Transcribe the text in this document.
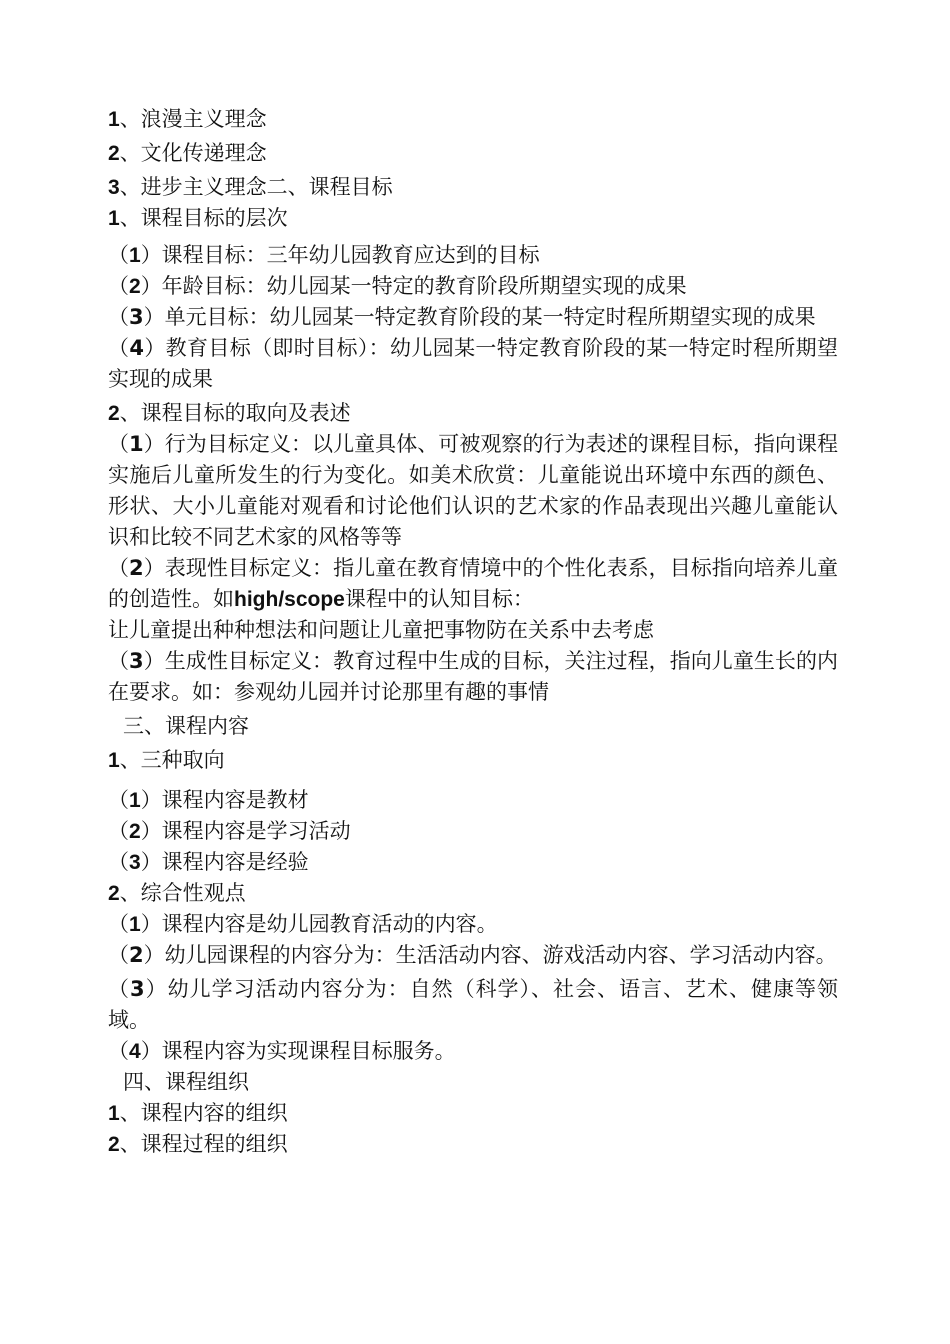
1、浪漫主义理念
2、文化传递理念
3、进步主义理念二、课程目标
1、课程目标的层次
（1）课程目标：三年幼儿园教育应达到的目标
（2）年龄目标：幼儿园某一特定的教育阶段所期望实现的成果
（3）单元目标：幼儿园某一特定教育阶段的某一特定时程所期望实现的成果
（4）教育目标（即时目标）：幼儿园某一特定教育阶段的某一特定时程所期望实现的成果
2、课程目标的取向及表述
（1）行为目标定义：以儿童具体、可被观察的行为表述的课程目标，指向课程实施后儿童所发生的行为变化。如美术欣赏：儿童能说出环境中东西的颜色、形状、大小儿童能对观看和讨论他们认识的艺术家的作品表现出兴趣儿童能认识和比较不同艺术家的风格等等
（2）表现性目标定义：指儿童在教育情境中的个性化表系，目标指向培养儿童的创造性。如high/scope课程中的认知目标：
让儿童提出种种想法和问题让儿童把事物防在关系中去考虑
（3）生成性目标定义：教育过程中生成的目标，关注过程，指向儿童生长的内在要求。如：参观幼儿园并讨论那里有趣的事情
三、课程内容
1、三种取向
（1）课程内容是教材
（2）课程内容是学习活动
（3）课程内容是经验
2、综合性观点
（1）课程内容是幼儿园教育活动的内容。
（2）幼儿园课程的内容分为：生活活动内容、游戏活动内容、学习活动内容。
（3）幼儿学习活动内容分为：自然（科学）、社会、语言、艺术、健康等领域。
（4）课程内容为实现课程目标服务。
四、课程组织
1、课程内容的组织
2、课程过程的组织
